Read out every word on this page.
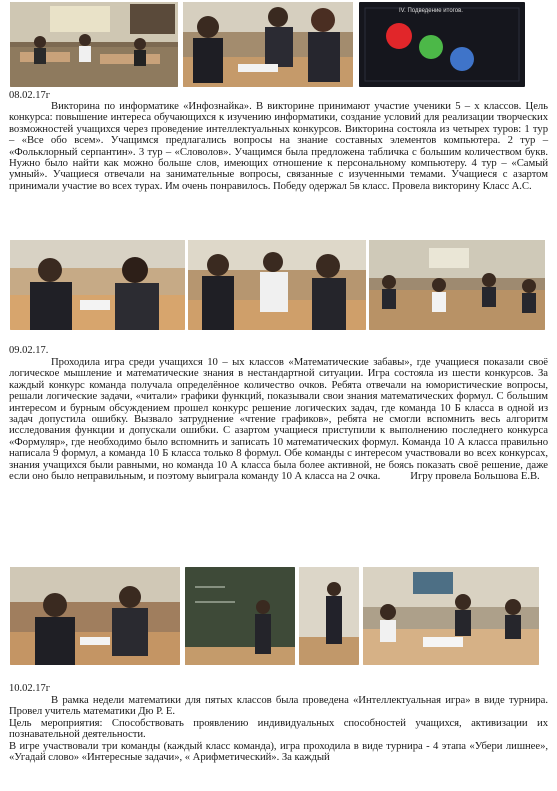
IV. Подведение итогов.
08.02.17г
Викторина по информатике «Инфознайка». В викторине принимают участие ученики 5 – х классов. Цель конкурса: повышение интереса обучающихся к изучению информатики, создание условий для реализации творческих возможностей учащихся через проведение интеллектуальных конкурсов. Викторина состояла из четырех туров: 1 тур – «Все обо всем». Учащимся предлагались вопросы на знание составных элементов компьютера. 2 тур – «Фольклорный серпантин». 3 тур – «Словолов». Учащимся была предложена табличка с большим количеством букв. Нужно было найти как можно больше слов, имеющих отношение к персональному компьютеру. 4 тур – «Самый умный». Учащиеся отвечали на занимательные вопросы, связанные с изученными темами. Учащиеся с азартом принимали участие во всех турах. Им очень понравилось. Победу одержал 5в класс. Провела викторину Класс А.С.
09.02.17.
Проходила игра среди учащихся 10 – ых классов «Математические забавы», где учащиеся показали своё логическое мышление и математические знания в нестандартной ситуации. Игра состояла из шести конкурсов. За каждый конкурс команда получала определённое количество очков. Ребята отвечали на юмористические вопросы, решали логические задачи, «читали» графики функций, показывали свои знания математических формул. С большим интересом и бурным обсуждением прошел конкурс решение логических задач, где команда 10 Б класса в одной из задач допустила ошибку. Вызвало затруднение «чтение графиков», ребята не смогли вспомнить весь алгоритм исследования функции и допускали ошибки. С азартом учащиеся приступили к выполнению последнего конкурса «Формуляр», где необходимо было вспомнить и записать 10 математических формул. Команда 10 А класса правильно написала 9 формул, а команда 10 Б класса только 8 формул. Обе команды с интересом участвовали во всех конкурсах, знания учащихся были равными, но команда 10 А класса была более активной, не боясь показать своё решение, даже если оно было неправильным, и поэтому выиграла команду 10 А класса на 2 очка.	Игру провела Большова Е.В.
10.02.17г
В рамка недели математики для пятых классов была проведена «Интеллектуальная игра» в виде турнира. Провел учитель математики Дю Р. Е.
Цель мероприятия: Способствовать проявлению индивидуальных способностей учащихся, активизации их познавательной деятельности.
В игре участвовали три команды (каждый класс команда), игра проходила в виде турнира - 4 этапа «Убери лишнее», «Угадай слово» «Интересные задачи», « Арифметический». За каждый
